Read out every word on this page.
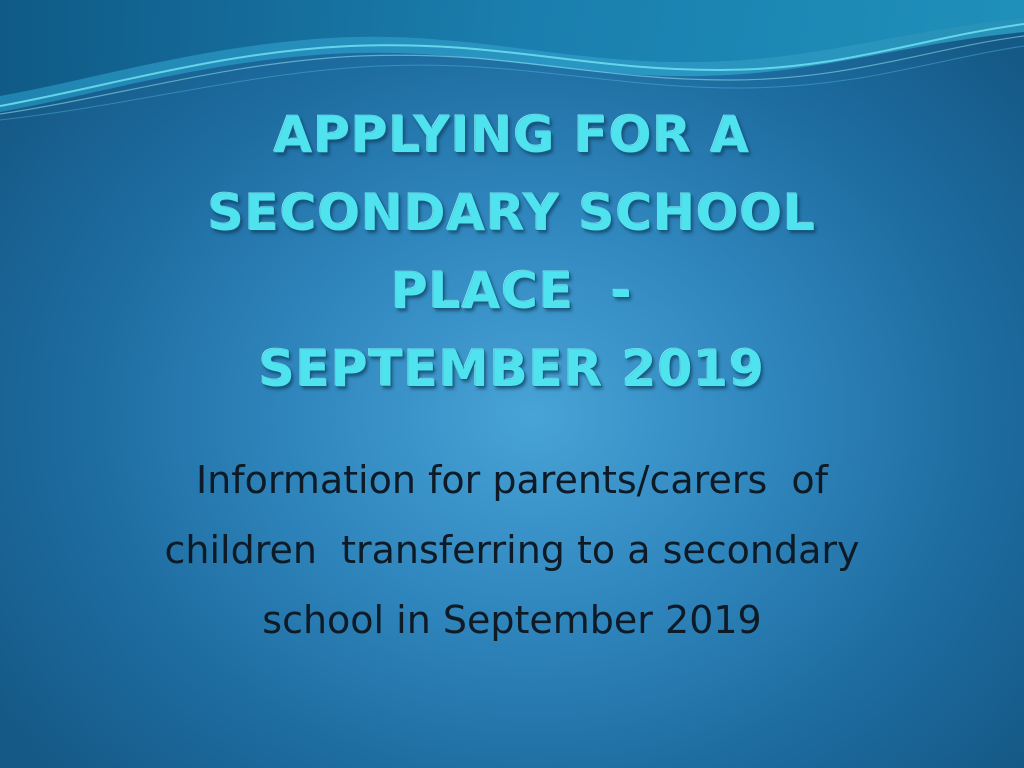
APPLYING FOR A
SECONDARY SCHOOL
PLACE  -
SEPTEMBER 2019

Information for parents/carers  of
children  transferring to a secondary
school in September 2019
